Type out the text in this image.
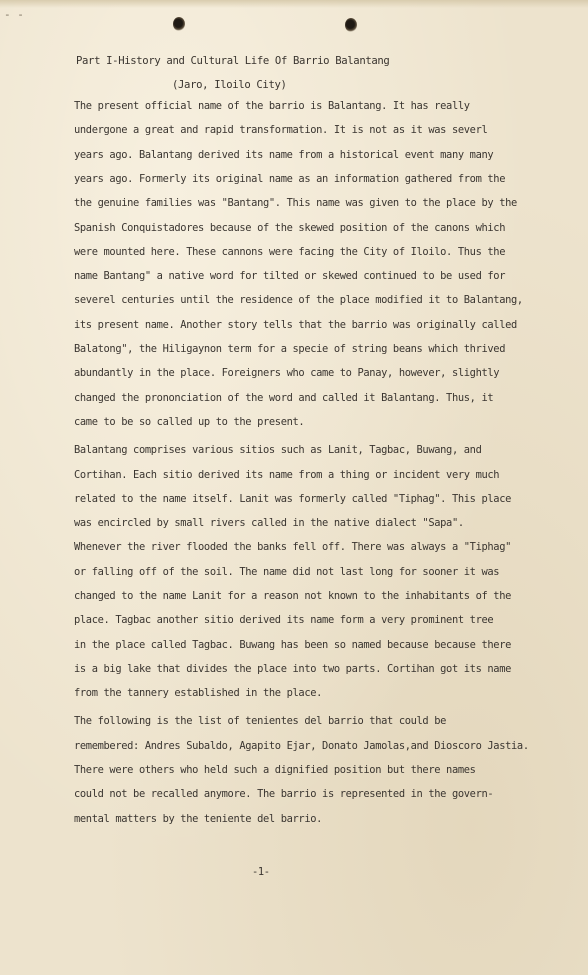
- -
Part I-History and Cultural Life Of Barrio Balantang
(Jaro, Iloilo City)
The present official name of the barrio is Balantang. It has really
undergone a great and rapid transformation. It is not as it was severl
years ago. Balantang derived its name from a historical event many many
years ago. Formerly its original name as an information gathered from the
the genuine families was "Bantang". This name was given to the place by the
Spanish Conquistadores because of the skewed position of the canons which
were mounted here. These cannons were facing the City of Iloilo. Thus the
name Bantang" a native word for tilted or skewed continued to be used for
severel centuries until the residence of the place modified it to Balantang,
its present name. Another story tells that the barrio was originally called
Balatong", the Hiligaynon term for a specie of string beans which thrived
abundantly in the place. Foreigners who came to Panay, however, slightly
changed the prononciation of the word and called it Balantang. Thus, it
came to be so called up to the present.
Balantang comprises various sitios such as Lanit, Tagbac, Buwang, and
Cortihan. Each sitio derived its name from a thing or incident very much
related to the name itself. Lanit was formerly called "Tiphag". This place
was encircled by small rivers called in the native dialect "Sapa".
Whenever the river flooded the banks fell off. There was always a "Tiphag"
or falling off of the soil. The name did not last long for sooner it was
changed to the name Lanit for a reason not known to the inhabitants of the
place. Tagbac another sitio derived its name form a very prominent tree
in the place called Tagbac. Buwang has been so named because because there
is a big lake that divides the place into two parts. Cortihan got its name
from the tannery established in the place.
The following is the list of tenientes del barrio that could be
remembered: Andres Subaldo, Agapito Ejar, Donato Jamolas,and Dioscoro Jastia.
There were others who held such a dignified position but there names
could not be recalled anymore. The barrio is represented in the govern-
mental matters by the teniente del barrio.
-1-
